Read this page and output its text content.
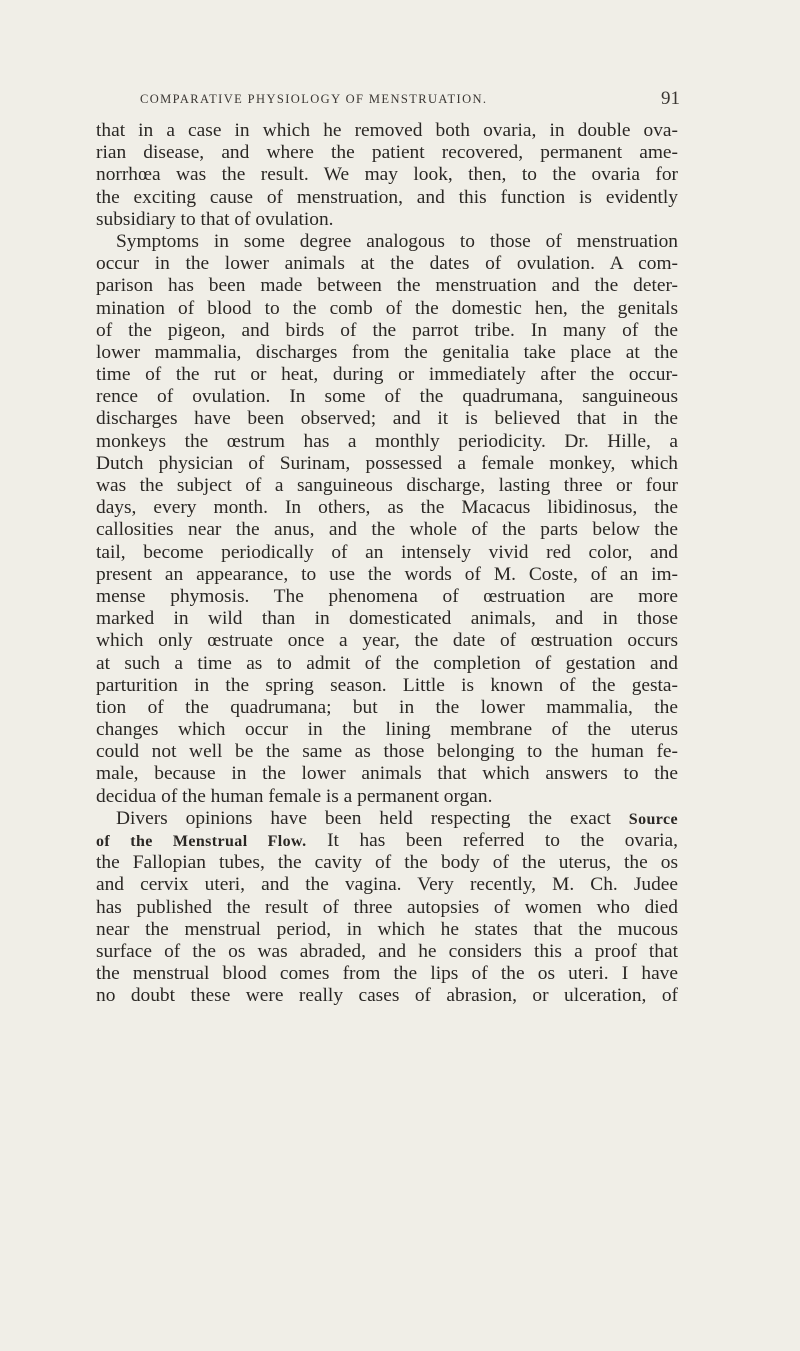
COMPARATIVE PHYSIOLOGY OF MENSTRUATION.	91
that in a case in which he removed both ovaria, in double ova-
rian disease, and where the patient recovered, permanent ame-
norrhœa was the result. We may look, then, to the ovaria for
the exciting cause of menstruation, and this function is evidently
subsidiary to that of ovulation.
Symptoms in some degree analogous to those of menstruation
occur in the lower animals at the dates of ovulation. A com-
parison has been made between the menstruation and the deter-
mination of blood to the comb of the domestic hen, the genitals
of the pigeon, and birds of the parrot tribe. In many of the
lower mammalia, discharges from the genitalia take place at the
time of the rut or heat, during or immediately after the occur-
rence of ovulation. In some of the quadrumana, sanguineous
discharges have been observed; and it is believed that in the
monkeys the œstrum has a monthly periodicity. Dr. Hille, a
Dutch physician of Surinam, possessed a female monkey, which
was the subject of a sanguineous discharge, lasting three or four
days, every month. In others, as the Macacus libidinosus, the
callosities near the anus, and the whole of the parts below the
tail, become periodically of an intensely vivid red color, and
present an appearance, to use the words of M. Coste, of an im-
mense phymosis. The phenomena of œstruation are more
marked in wild than in domesticated animals, and in those
which only œstruate once a year, the date of œstruation occurs
at such a time as to admit of the completion of gestation and
parturition in the spring season. Little is known of the gesta-
tion of the quadrumana; but in the lower mammalia, the
changes which occur in the lining membrane of the uterus
could not well be the same as those belonging to the human fe-
male, because in the lower animals that which answers to the
decidua of the human female is a permanent organ.
Divers opinions have been held respecting the exact Source
of the Menstrual Flow. It has been referred to the ovaria,
the Fallopian tubes, the cavity of the body of the uterus, the os
and cervix uteri, and the vagina. Very recently, M. Ch. Judee
has published the result of three autopsies of women who died
near the menstrual period, in which he states that the mucous
surface of the os was abraded, and he considers this a proof that
the menstrual blood comes from the lips of the os uteri. I have
no doubt these were really cases of abrasion, or ulceration, of
